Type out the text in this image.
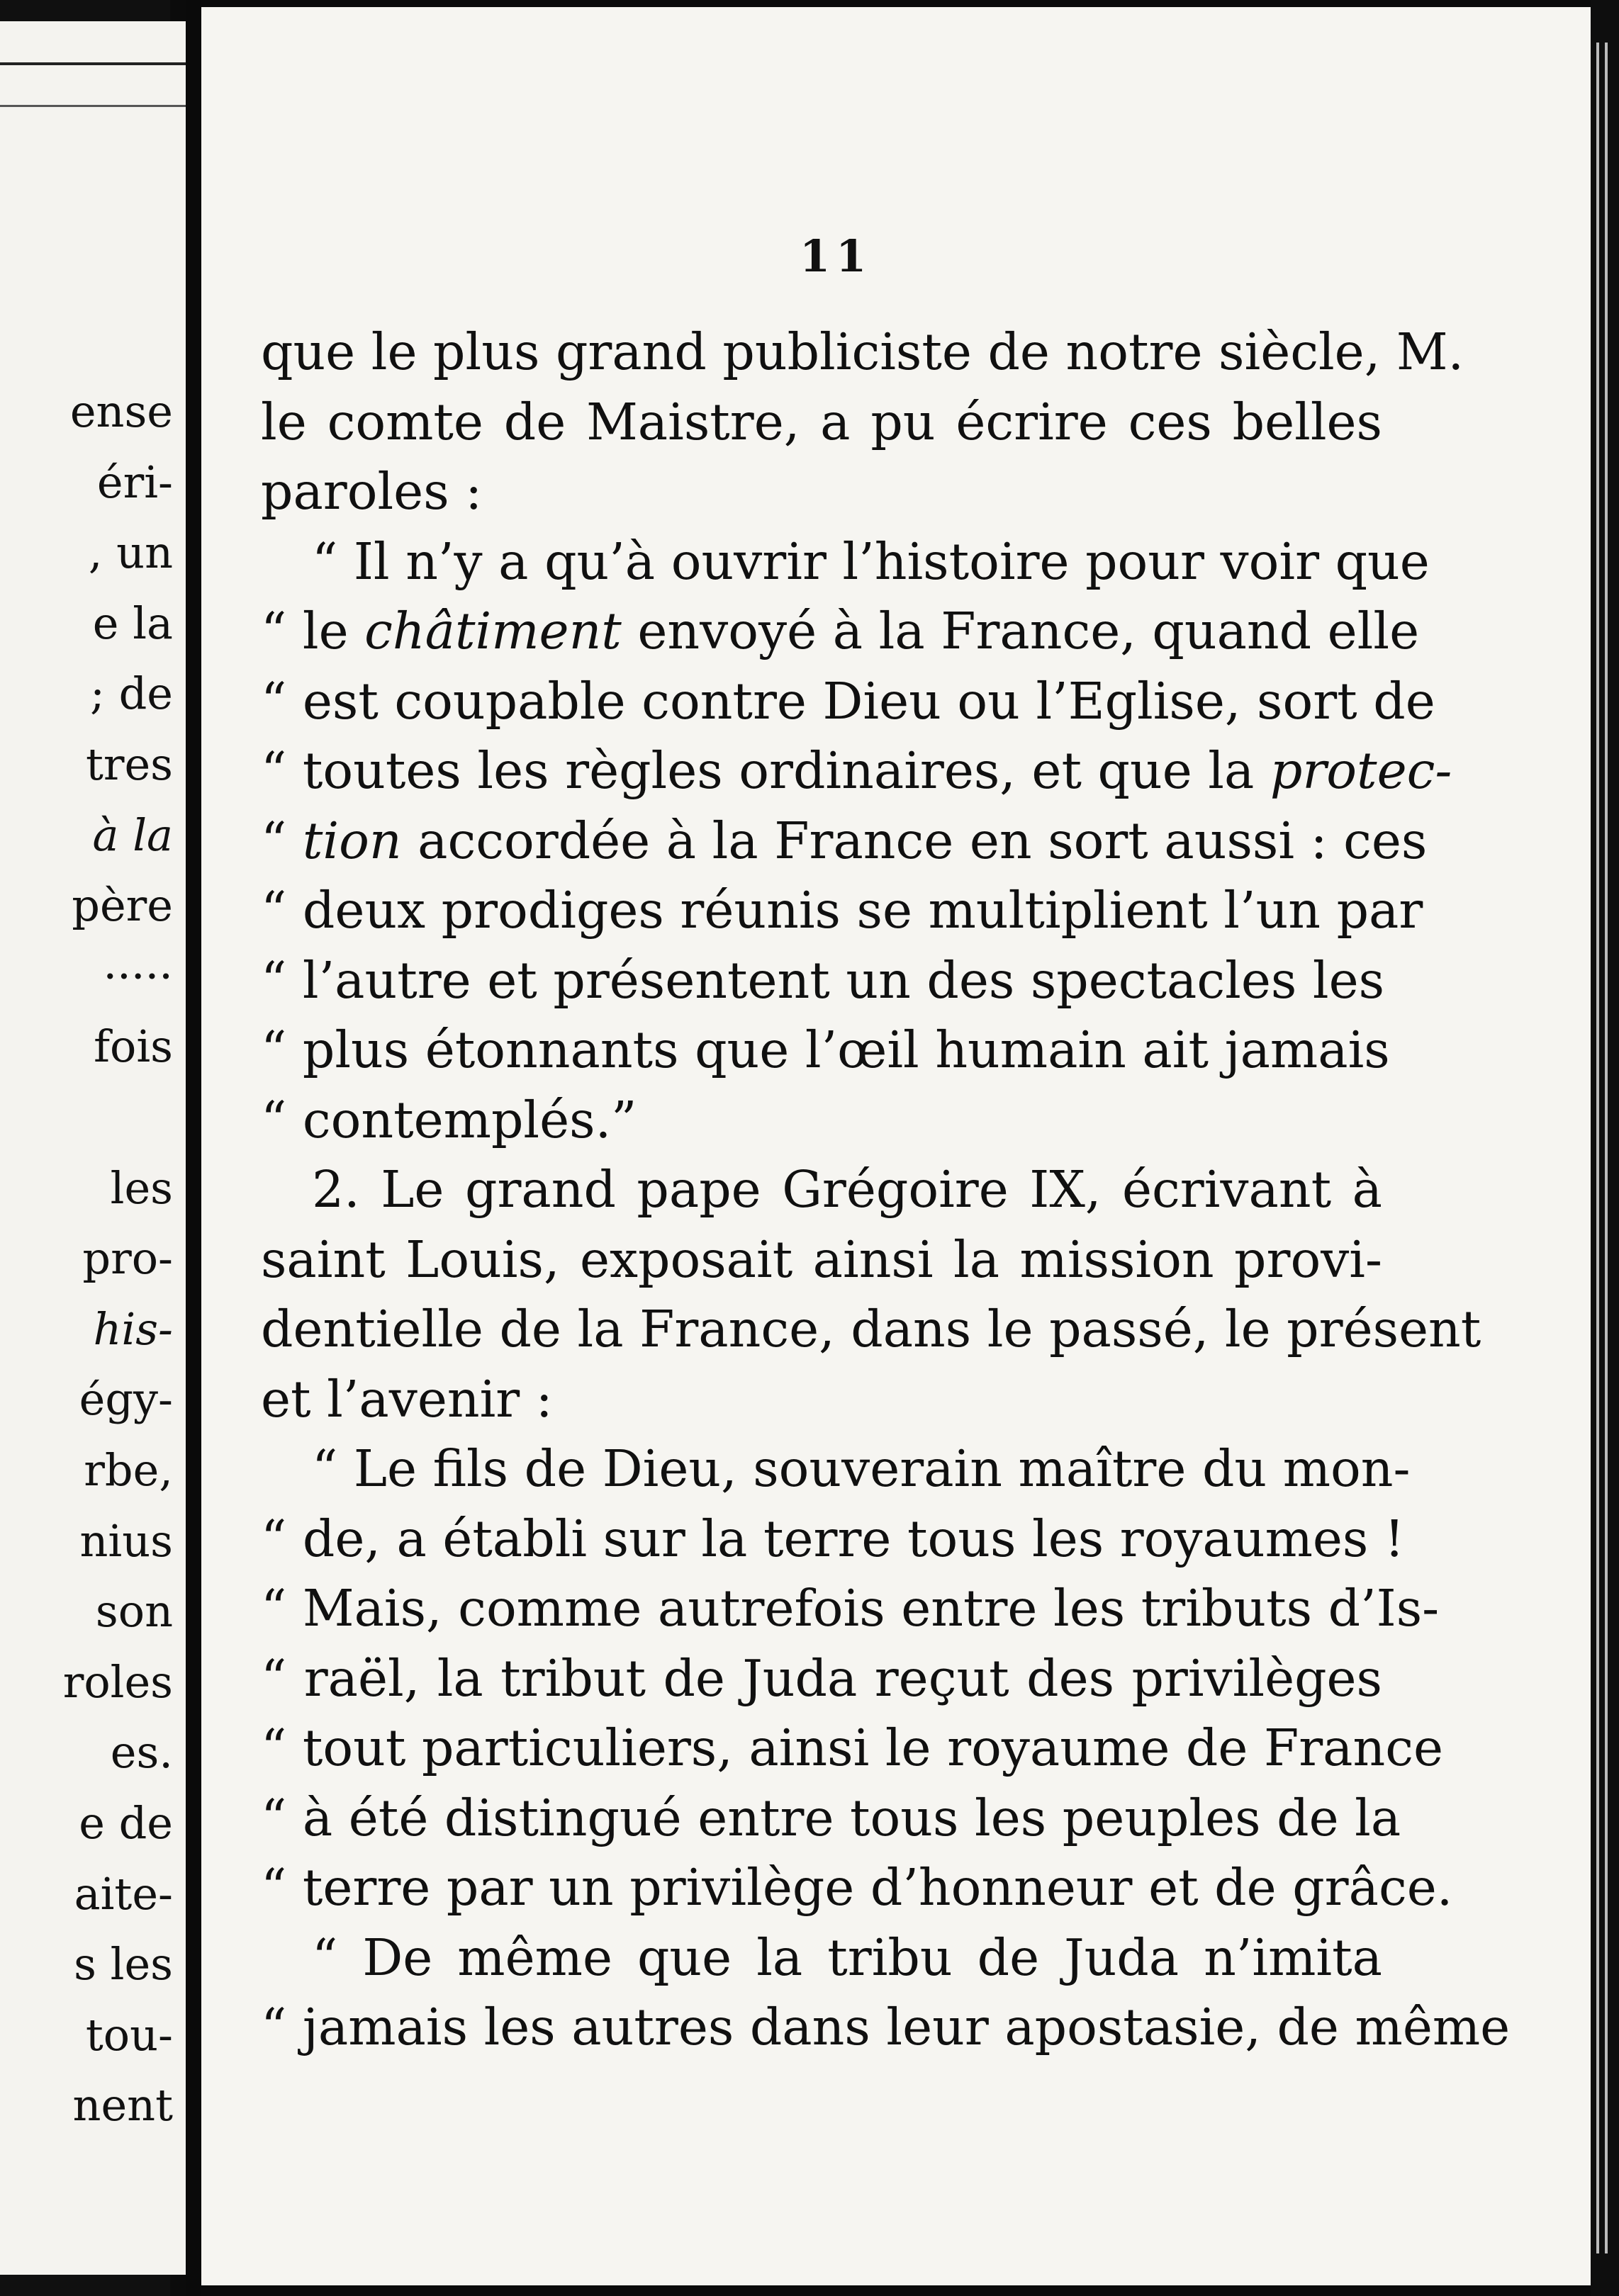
ense
éri-
, un
e la
; de
tres
à la
père
·····
fois
les
pro-
his-
égy-
rbe,
nius
son
roles
es.
e de
aite-
s les
tou-
nent
11
que le plus grand publiciste de notre siècle, M.
le comte de Maistre, a pu écrire ces belles
paroles :
“ Il n’y a qu’à ouvrir l’histoire pour voir que
“ le châtiment envoyé à la France, quand elle
“ est coupable contre Dieu ou l’Eglise, sort de
“ toutes les règles ordinaires, et que la protec-
“ tion accordée à la France en sort aussi : ces
“ deux prodiges réunis se multiplient l’un par
“ l’autre et présentent un des spectacles les
“ plus étonnants que l’œil humain ait jamais
“ contemplés.”
2. Le grand pape Grégoire IX, écrivant à
saint Louis, exposait ainsi la mission provi-
dentielle de la France, dans le passé, le présent
et l’avenir :
“ Le fils de Dieu, souverain maître du mon-
“ de, a établi sur la terre tous les royaumes !
“ Mais, comme autrefois entre les tributs d’Is-
“ raël, la tribut de Juda reçut des privilèges
“ tout particuliers, ainsi le royaume de France
“ à été distingué entre tous les peuples de la
“ terre par un privilège d’honneur et de grâce.
“ De même que la tribu de Juda n’imita
“ jamais les autres dans leur apostasie, de même
